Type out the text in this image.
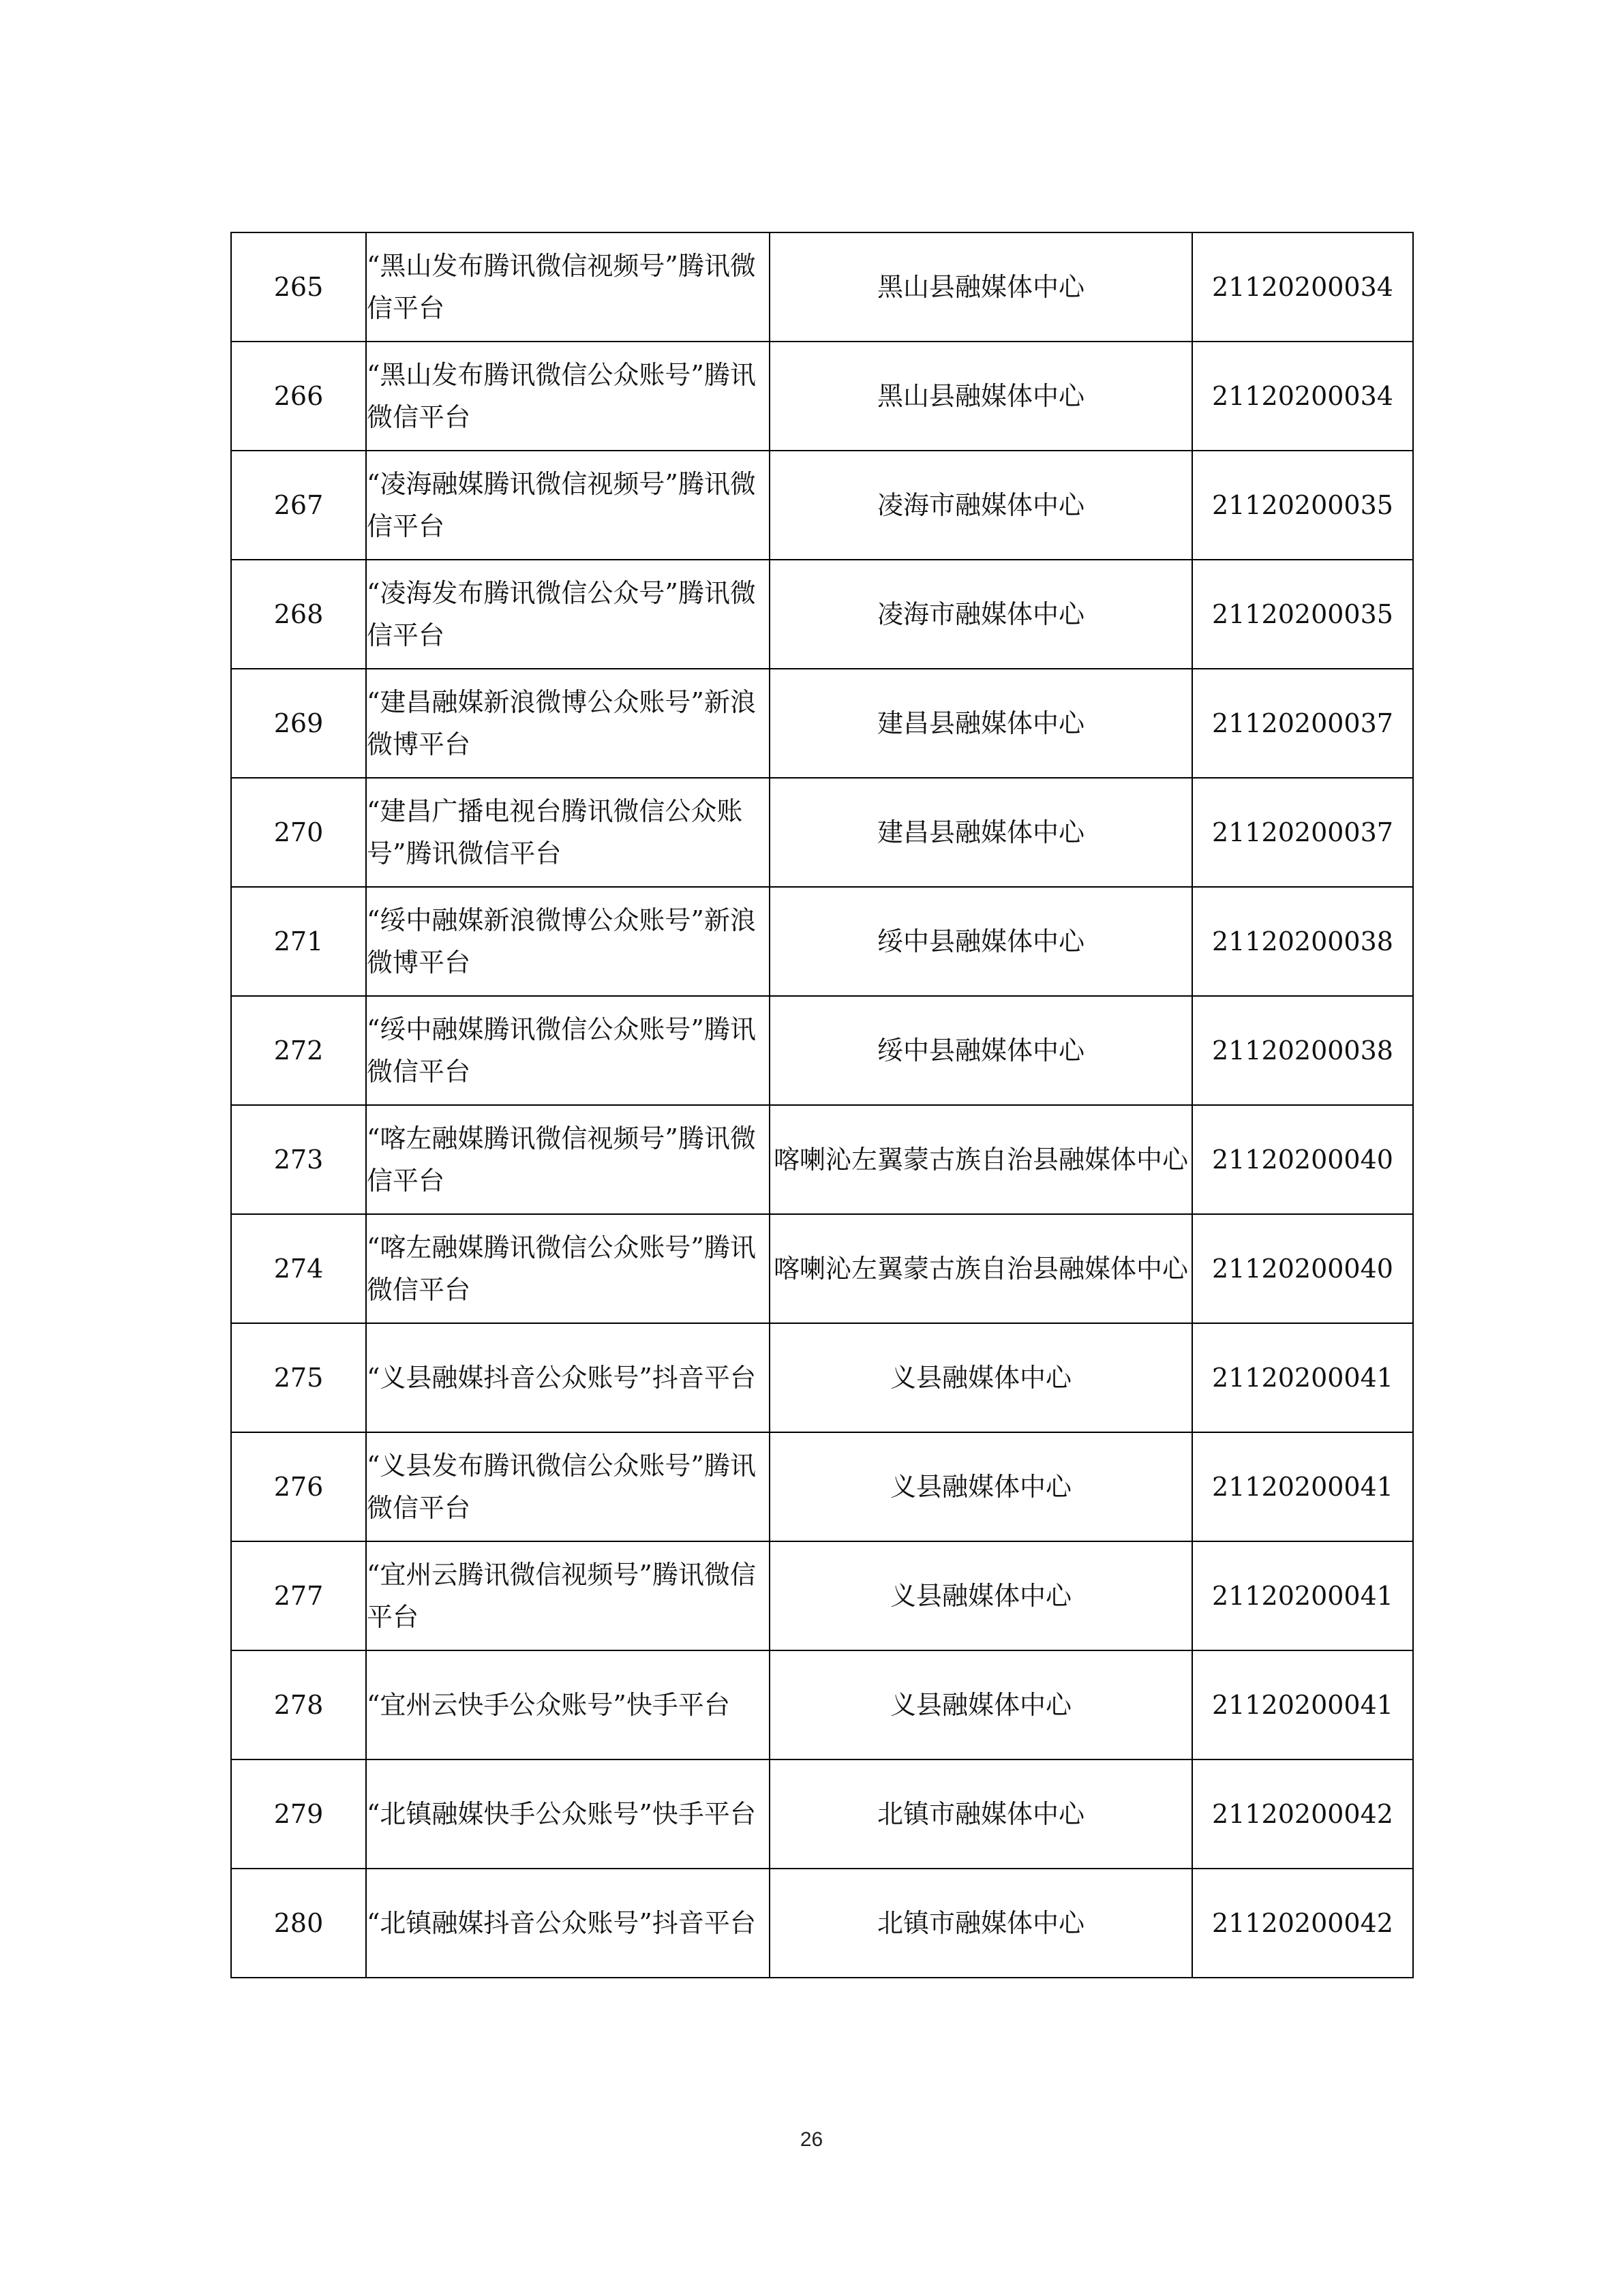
265	“黑山发布腾讯微信视频号”腾讯微信平台	黑山县融媒体中心	21120200034
266	“黑山发布腾讯微信公众账号”腾讯微信平台	黑山县融媒体中心	21120200034
267	“凌海融媒腾讯微信视频号”腾讯微信平台	凌海市融媒体中心	21120200035
268	“凌海发布腾讯微信公众号”腾讯微信平台	凌海市融媒体中心	21120200035
269	“建昌融媒新浪微博公众账号”新浪微博平台	建昌县融媒体中心	21120200037
270	“建昌广播电视台腾讯微信公众账号”腾讯微信平台	建昌县融媒体中心	21120200037
271	“绥中融媒新浪微博公众账号”新浪微博平台	绥中县融媒体中心	21120200038
272	“绥中融媒腾讯微信公众账号”腾讯微信平台	绥中县融媒体中心	21120200038
273	“喀左融媒腾讯微信视频号”腾讯微信平台	喀喇沁左翼蒙古族自治县融媒体中心	21120200040
274	“喀左融媒腾讯微信公众账号”腾讯微信平台	喀喇沁左翼蒙古族自治县融媒体中心	21120200040
275	“义县融媒抖音公众账号”抖音平台	义县融媒体中心	21120200041
276	“义县发布腾讯微信公众账号”腾讯微信平台	义县融媒体中心	21120200041
277	“宜州云腾讯微信视频号”腾讯微信平台	义县融媒体中心	21120200041
278	“宜州云快手公众账号”快手平台	义县融媒体中心	21120200041
279	“北镇融媒快手公众账号”快手平台	北镇市融媒体中心	21120200042
280	“北镇融媒抖音公众账号”抖音平台	北镇市融媒体中心	21120200042
26
